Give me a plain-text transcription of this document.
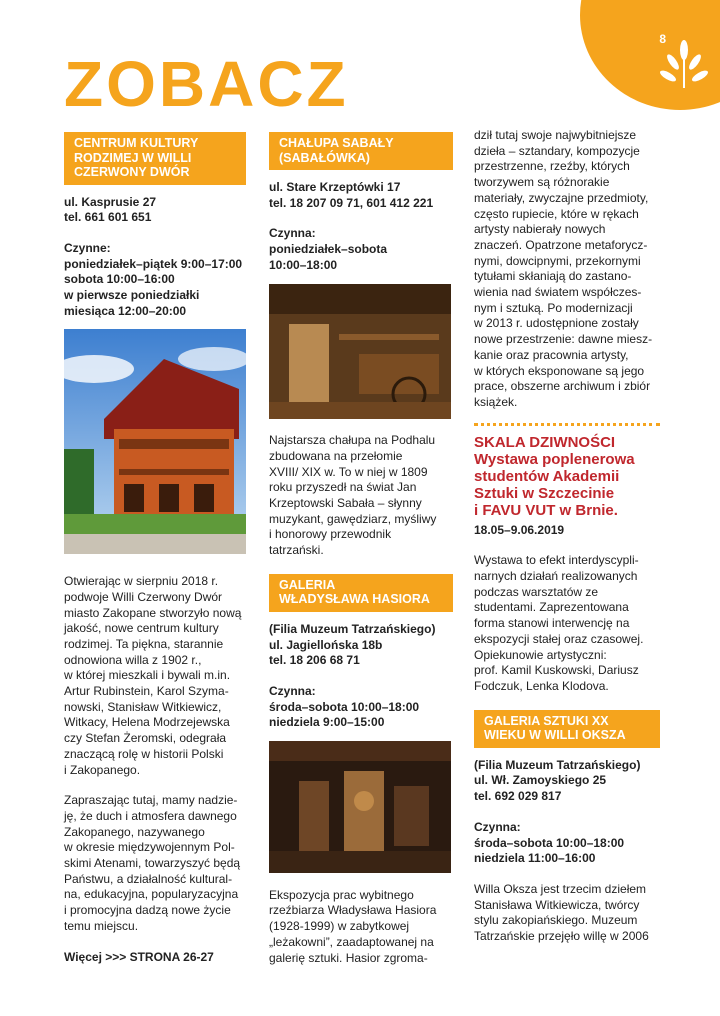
8
ZOBACZ
CENTRUM KULTURY
RODZIMEJ W WILLI
CZERWONY DWÓR
ul. Kasprusie 27
tel. 661 601 651
Czynne:
poniedziałek–piątek 9:00–17:00
sobota 10:00–16:00
w pierwsze poniedziałki
miesiąca 12:00–20:00

Otwierając w sierpniu 2018 r.
podwoje Willi Czerwony Dwór
miasto Zakopane stworzyło nową
jakość, nowe centrum kultury
rodzimej. Ta piękna, starannie
odnowiona willa z 1902 r.,
w której mieszkali i bywali m.in.
Artur Rubinstein, Karol Szyma-
nowski, Stanisław Witkiewicz,
Witkacy, Helena Modrzejewska
czy Stefan Żeromski, odegrała
znaczącą rolę w historii Polski
i Zakopanego.

Zapraszając tutaj, mamy nadzie-
ję, że duch i atmosfera dawnego
Zakopanego, nazywanego
w okresie międzywojennym Pol-
skimi Atenami, towarzyszyć będą
Państwu, a działalność kultural-
na, edukacyjna, popularyzacyjna
i promocyjna dadzą nowe życie
temu miejscu.

Więcej >>> STRONA 26-27
CHAŁUPA SABAŁY
(SABAŁÓWKA)
ul. Stare Krzeptówki 17
tel. 18 207 09 71, 601 412 221
Czynna:
poniedziałek–sobota
10:00–18:00

Najstarsza chałupa na Podhalu
zbudowana na przełomie
XVIII/ XIX w. To w niej w 1809
roku przyszedł na świat Jan
Krzeptowski Sabała – słynny
muzykant, gawędziarz, myśliwy
i honorowy przewodnik
tatrzański.

GALERIA
WŁADYSŁAWA HASIORA
(Filia Muzeum Tatrzańskiego)
ul. Jagiellońska 18b
tel. 18 206 68 71
Czynna:
środa–sobota 10:00–18:00
niedziela 9:00–15:00

Ekspozycja prac wybitnego
rzeźbiarza Władysława Hasiora
(1928-1999) w zabytkowej
„leżakowni”, zaadaptowanej na
galerię sztuki. Hasior zgroma-

dził tutaj swoje najwybitniejsze
dzieła – sztandary, kompozycje
przestrzenne, rzeźby, których
tworzywem są różnorakie
materiały, zwyczajne przedmioty,
często rupiecie, które w rękach
artysty nabierały nowych
znaczeń. Opatrzone metaforycz-
nymi, dowcipnymi, przekornymi
tytułami skłaniają do zastano-
wienia nad światem współczes-
nym i sztuką. Po modernizacji
w 2013 r. udostępnione zostały
nowe przestrzenie: dawne miesz-
kanie oraz pracownia artysty,
w których eksponowane są jego
prace, obszerne archiwum i zbiór
książek.

SKALA DZIWNOŚCI
Wystawa poplenerowa
studentów Akademii
Sztuki w Szczecinie
i FAVU VUT w Brnie.
18.05–9.06.2019

Wystawa to efekt interdyscypli-
narnych działań realizowanych
podczas warsztatów ze
studentami. Zaprezentowana
forma stanowi interwencję na
ekspozycji stałej oraz czasowej.
Opiekunowie artystyczni:
prof. Kamil Kuskowski, Dariusz
Fodczuk, Lenka Klodova.

GALERIA SZTUKI XX
WIEKU W WILLI OKSZA
(Filia Muzeum Tatrzańskiego)
ul. Wł. Zamoyskiego 25
tel. 692 029 817
Czynna:
środa–sobota 10:00–18:00
niedziela 11:00–16:00

Willa Oksza jest trzecim dziełem
Stanisława Witkiewicza, twórcy
stylu zakopiańskiego. Muzeum
Tatrzańskie przejęło willę w 2006
